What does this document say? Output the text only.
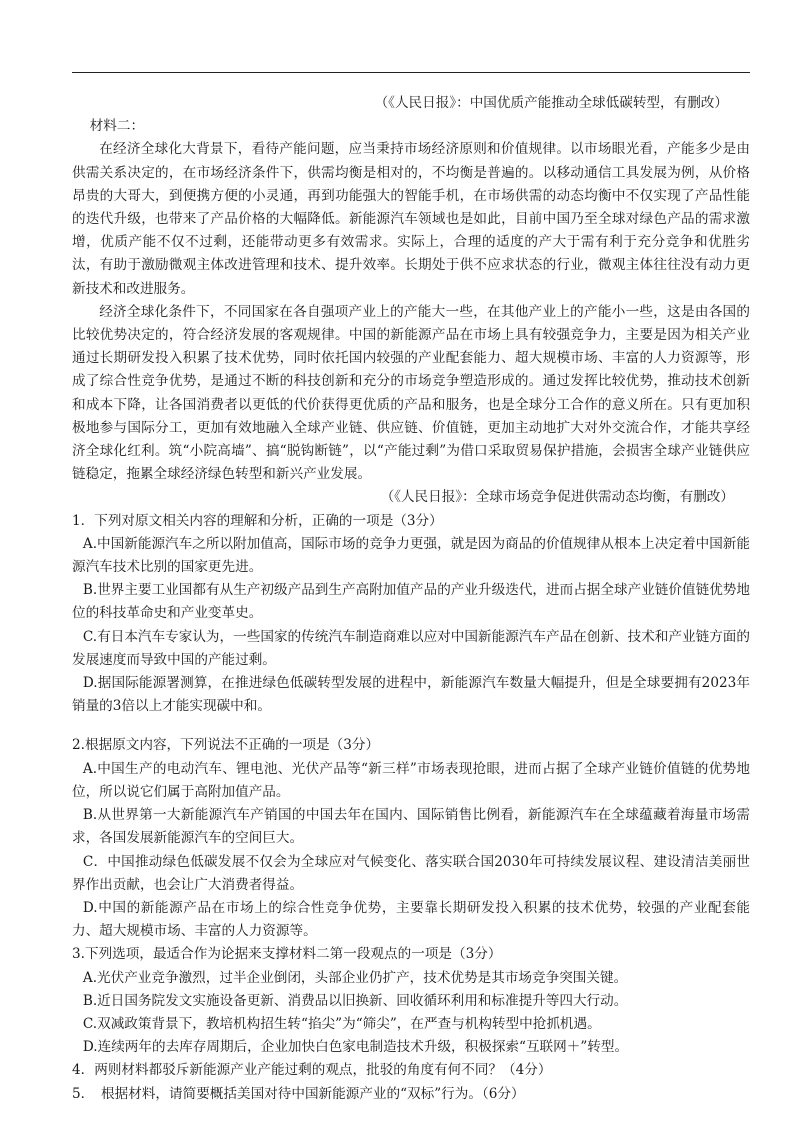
（《人民日报》：中国优质产能推动全球低碳转型，有删改）

材料二：

在经济全球化大背景下，看待产能问题，应当秉持市场经济原则和价值规律。以市场眼光看，产能多少是由供需关系决定的，在市场经济条件下，供需均衡是相对的，不均衡是普遍的。以移动通信工具发展为例，从价格昂贵的大哥大，到便携方便的小灵通，再到功能强大的智能手机，在市场供需的动态均衡中不仅实现了产品性能的迭代升级，也带来了产品价格的大幅降低。新能源汽车领域也是如此，目前中国乃至全球对绿色产品的需求激增，优质产能不仅不过剩，还能带动更多有效需求。实际上，合理的适度的产大于需有利于充分竞争和优胜劣汰，有助于激励微观主体改进管理和技术、提升效率。长期处于供不应求状态的行业，微观主体往往没有动力更新技术和改进服务。

经济全球化条件下，不同国家在各自强项产业上的产能大一些，在其他产业上的产能小一些，这是由各国的比较优势决定的，符合经济发展的客观规律。中国的新能源产品在市场上具有较强竞争力，主要是因为相关产业通过长期研发投入积累了技术优势，同时依托国内较强的产业配套能力、超大规模市场、丰富的人力资源等，形成了综合性竞争优势，是通过不断的科技创新和充分的市场竞争塑造形成的。通过发挥比较优势，推动技术创新和成本下降，让各国消费者以更低的代价获得更优质的产品和服务，也是全球分工合作的意义所在。只有更加积极地参与国际分工，更加有效地融入全球产业链、供应链、价值链，更加主动地扩大对外交流合作，才能共享经济全球化红利。筑“小院高墙”、搞“脱钩断链”，以“产能过剩”为借口采取贸易保护措施，会损害全球产业链供应链稳定，拖累全球经济绿色转型和新兴产业发展。

（《人民日报》：全球市场竞争促进供需动态均衡，有删改）

1．下列对原文相关内容的理解和分析，正确的一项是（3分）

A.中国新能源汽车之所以附加值高，国际市场的竞争力更强，就是因为商品的价值规律从根本上决定着中国新能源汽车技术比别的国家更先进。

B.世界主要工业国都有从生产初级产品到生产高附加值产品的产业升级迭代，进而占据全球产业链价值链优势地位的科技革命史和产业变革史。

C.有日本汽车专家认为，一些国家的传统汽车制造商难以应对中国新能源汽车产品在创新、技术和产业链方面的发展速度而导致中国的产能过剩。

D.据国际能源署测算，在推进绿色低碳转型发展的进程中，新能源汽车数量大幅提升，但是全球要拥有2023年销量的3倍以上才能实现碳中和。

2.根据原文内容，下列说法不正确的一项是（3分）

A.中国生产的电动汽车、锂电池、光伏产品等“新三样”市场表现抢眼，进而占据了全球产业链价值链的优势地位，所以说它们属于高附加值产品。

B.从世界第一大新能源汽车产销国的中国去年在国内、国际销售比例看，新能源汽车在全球蕴藏着海量市场需求，各国发展新能源汽车的空间巨大。

C．中国推动绿色低碳发展不仅会为全球应对气候变化、落实联合国2030年可持续发展议程、建设清洁美丽世界作出贡献，也会让广大消费者得益。

D.中国的新能源产品在市场上的综合性竞争优势，主要靠长期研发投入积累的技术优势，较强的产业配套能力、超大规模市场、丰富的人力资源等。

3.下列选项，最适合作为论据来支撑材料二第一段观点的一项是（3分）

A.光伏产业竞争激烈，过半企业倒闭，头部企业仍扩产，技术优势是其市场竞争突围关键。

B.近日国务院发文实施设备更新、消费品以旧换新、回收循环利用和标准提升等四大行动。

C.双减政策背景下，教培机构招生转“掐尖”为“筛尖”，在严查与机构转型中抢抓机遇。

D.连续两年的去库存周期后，企业加快白色家电制造技术升级，积极探索“互联网＋”转型。

4．两则材料都驳斥新能源产业产能过剩的观点，批驳的角度有何不同？（4分）

5．　根据材料，请简要概括美国对待中国新能源产业的“双标”行为。（6分）
